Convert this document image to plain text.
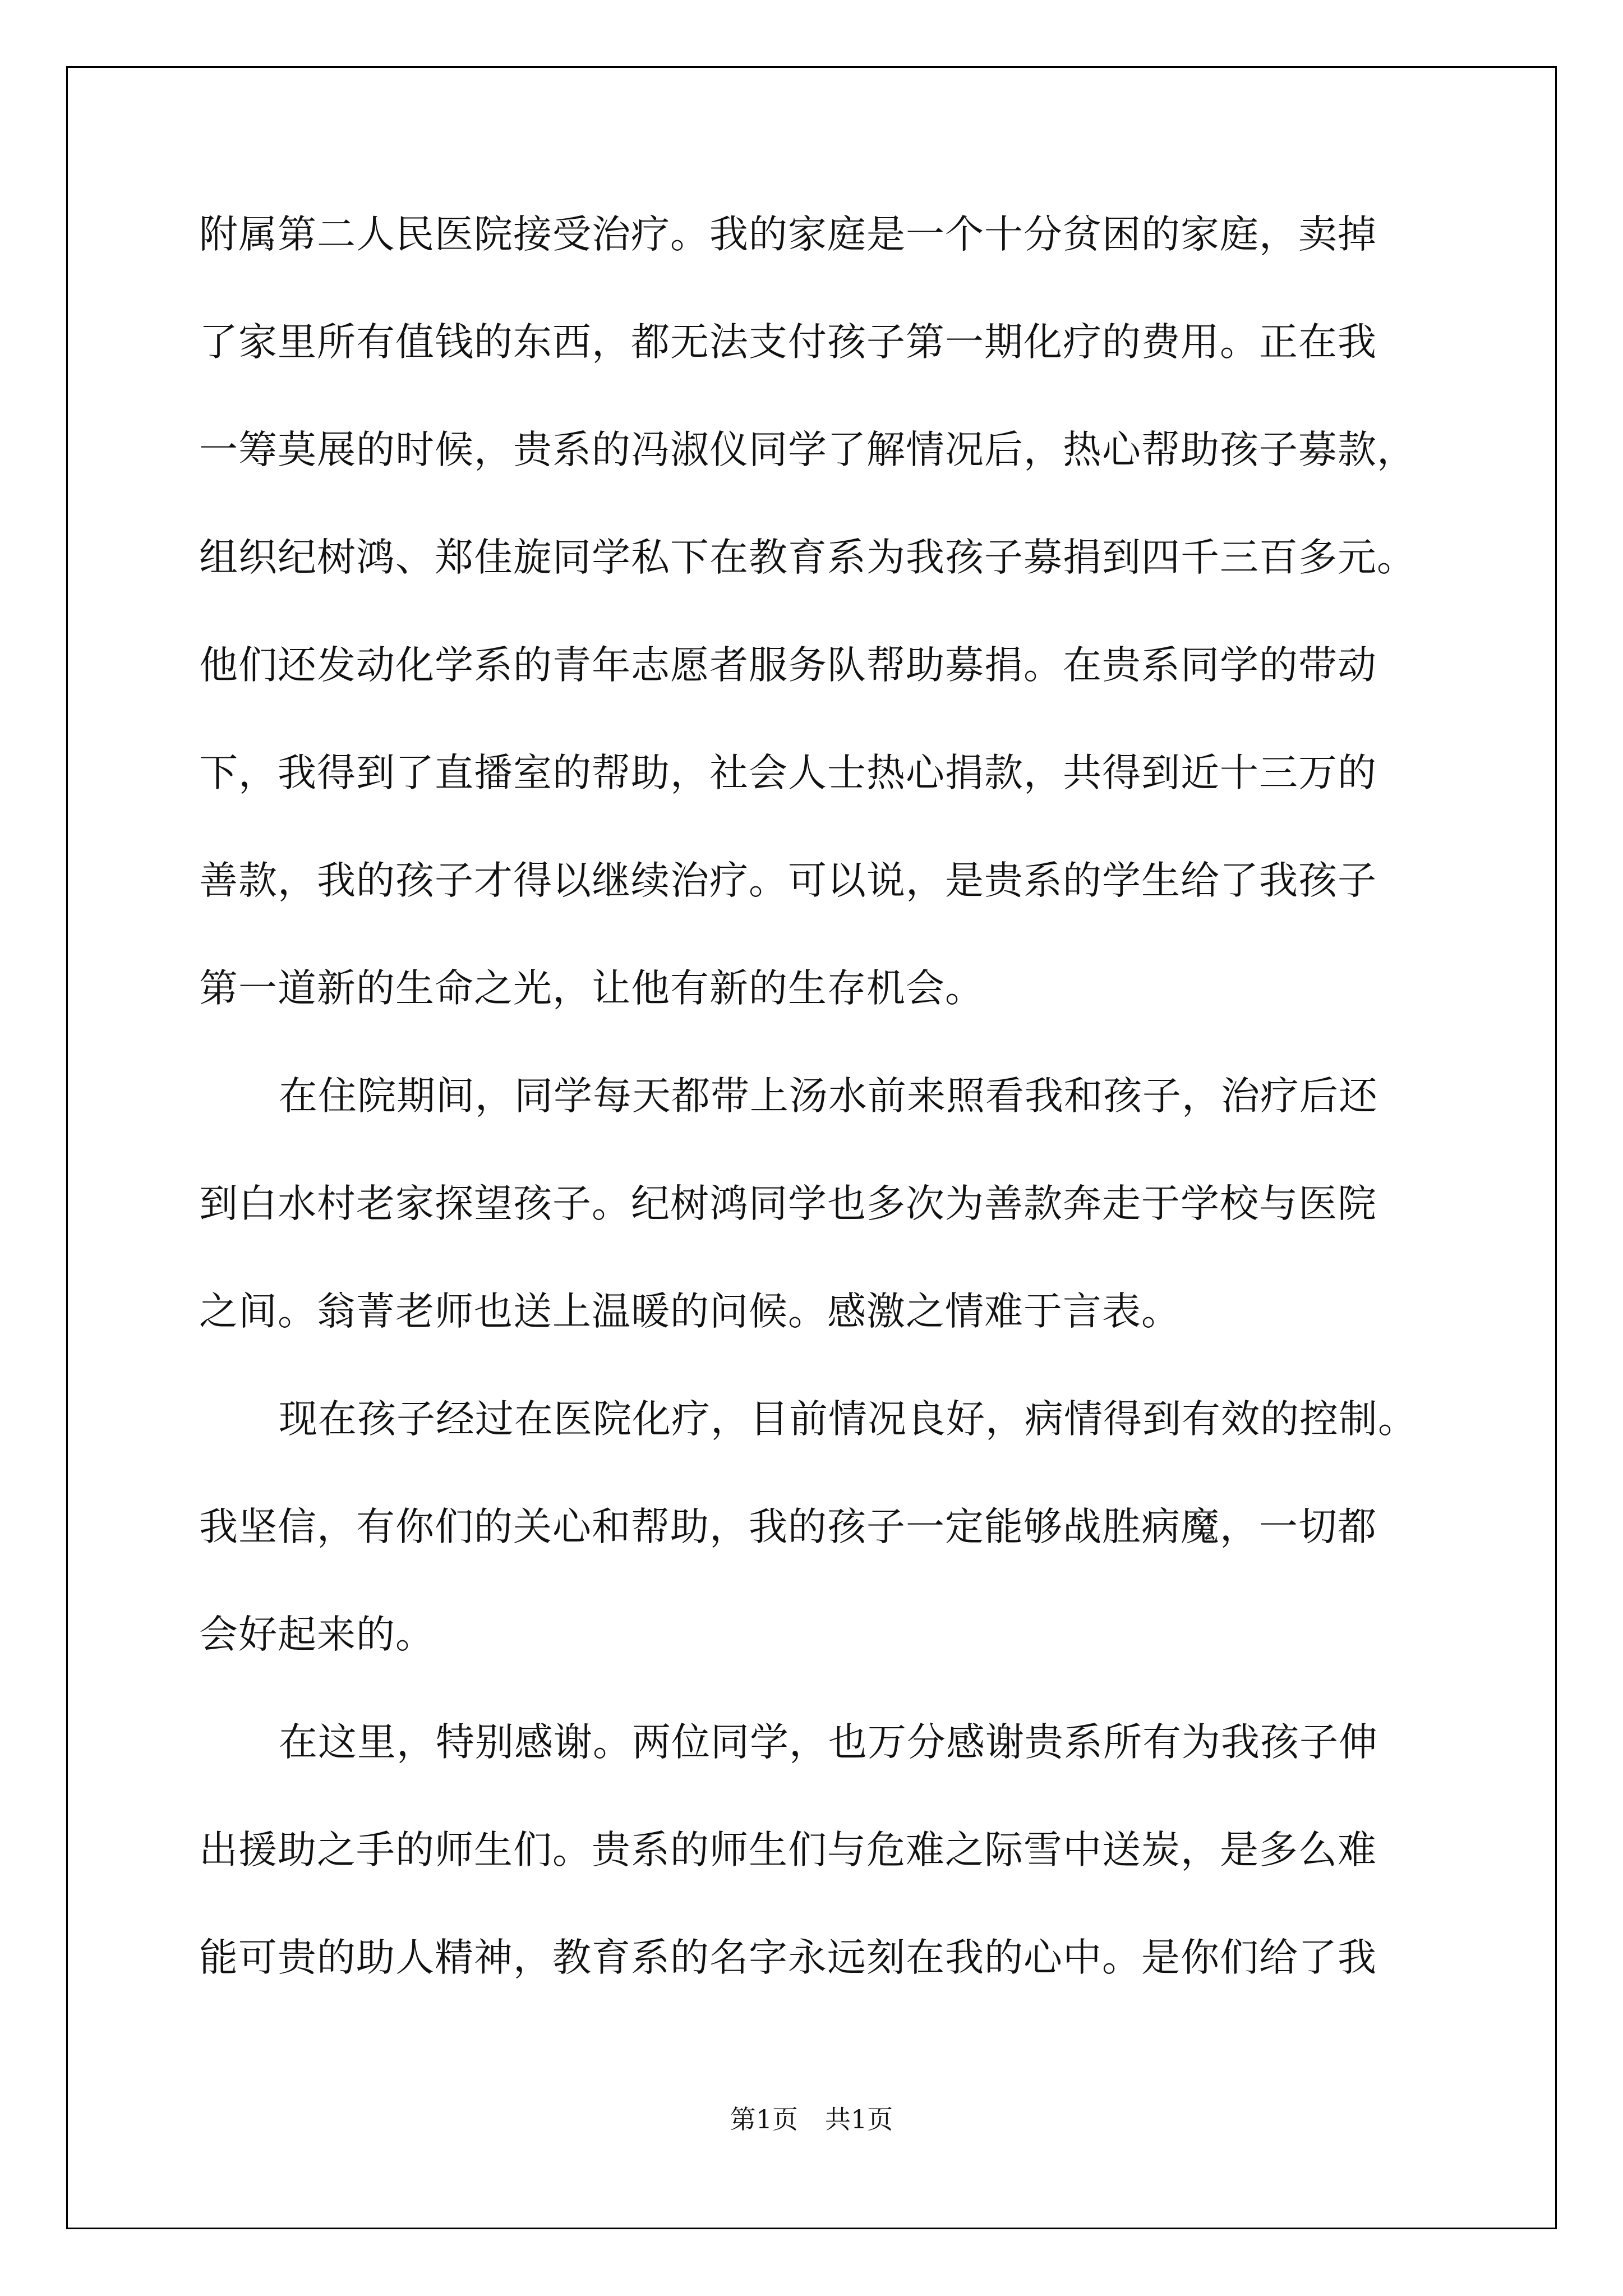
附属第二人民医院接受治疗。我的家庭是一个十分贫困的家庭，卖掉
了家里所有值钱的东西，都无法支付孩子第一期化疗的费用。正在我
一筹莫展的时候，贵系的冯淑仪同学了解情况后，热心帮助孩子募款，
组织纪树鸿、郑佳旋同学私下在教育系为我孩子募捐到四千三百多元。
他们还发动化学系的青年志愿者服务队帮助募捐。在贵系同学的带动
下，我得到了直播室的帮助，社会人士热心捐款，共得到近十三万的
善款，我的孩子才得以继续治疗。可以说，是贵系的学生给了我孩子
第一道新的生命之光，让他有新的生存机会。
在住院期间，同学每天都带上汤水前来照看我和孩子，治疗后还
到白水村老家探望孩子。纪树鸿同学也多次为善款奔走于学校与医院
之间。翁菁老师也送上温暖的问候。感激之情难于言表。
现在孩子经过在医院化疗，目前情况良好，病情得到有效的控制。
我坚信，有你们的关心和帮助，我的孩子一定能够战胜病魔，一切都
会好起来的。
在这里，特别感谢。两位同学，也万分感谢贵系所有为我孩子伸
出援助之手的师生们。贵系的师生们与危难之际雪中送炭，是多么难
能可贵的助人精神，教育系的名字永远刻在我的心中。是你们给了我
第1页 共1页
